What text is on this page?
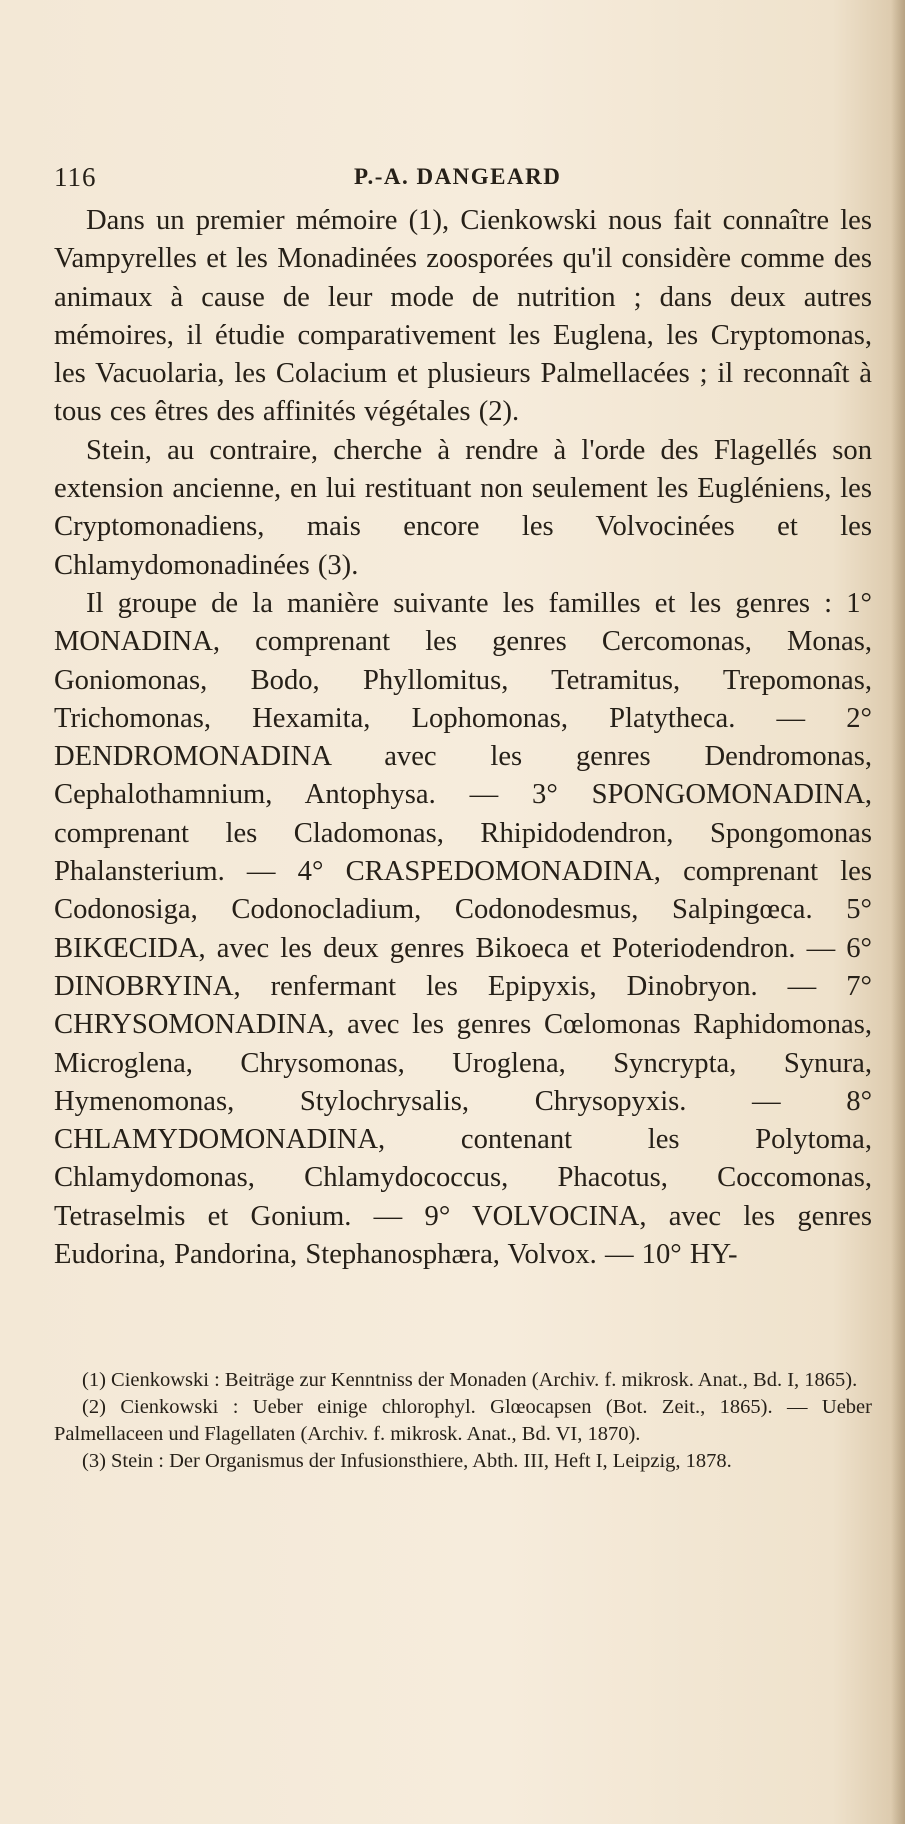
116	P.-A. DANGEARD

Dans un premier mémoire (1), Cienkowski nous fait connaître les Vampyrelles et les Monadinées zoosporées qu'il considère comme des animaux à cause de leur mode de nutrition ; dans deux autres mémoires, il étudie comparativement les Euglena, les Cryptomonas, les Vacuolaria, les Colacium et plusieurs Palmellacées ; il reconnaît à tous ces êtres des affinités végétales (2).

Stein, au contraire, cherche à rendre à l'orde des Flagellés son extension ancienne, en lui restituant non seulement les Eugléniens, les Cryptomonadiens, mais encore les Volvocinées et les Chlamydomonadinées (3).

Il groupe de la manière suivante les familles et les genres : 1° MONADINA, comprenant les genres Cercomonas, Monas, Goniomonas, Bodo, Phyllomitus, Tetramitus, Trepomonas, Trichomonas, Hexamita, Lophomonas, Platytheca. — 2° DENDROMONADINA avec les genres Dendromonas, Cephalothamnium, Antophysa. — 3° SPONGOMONADINA, comprenant les Cladomonas, Rhipidodendron, Spongomonas Phalansterium. — 4° CRASPEDOMONADINA, comprenant les Codonosiga, Codonocladium, Codonodesmus, Salpingœca. 5° BIKŒCIDA, avec les deux genres Bikoeca et Poteriodendron. — 6° DINOBRYINA, renfermant les Epipyxis, Dinobryon. — 7° CHRYSOMONADINA, avec les genres Cœlomonas Raphidomonas, Microglena, Chrysomonas, Uroglena, Syncrypta, Synura, Hymenomonas, Stylochrysalis, Chrysopyxis. — 8° CHLAMYDOMONADINA, contenant les Polytoma, Chlamydomonas, Chlamydococcus, Phacotus, Coccomonas, Tetraselmis et Gonium. — 9° VOLVOCINA, avec les genres Eudorina, Pandorina, Stephanosphæra, Volvox. — 10° HY-

(1) Cienkowski : Beiträge zur Kenntniss der Monaden (Archiv. f. mikrosk. Anat., Bd. I, 1865).

(2) Cienkowski : Ueber einige chlorophyl. Glœocapsen (Bot. Zeit., 1865). — Ueber Palmellaceen und Flagellaten (Archiv. f. mikrosk. Anat., Bd. VI, 1870).

(3) Stein : Der Organismus der Infusionsthiere, Abth. III, Heft I, Leipzig, 1878.
